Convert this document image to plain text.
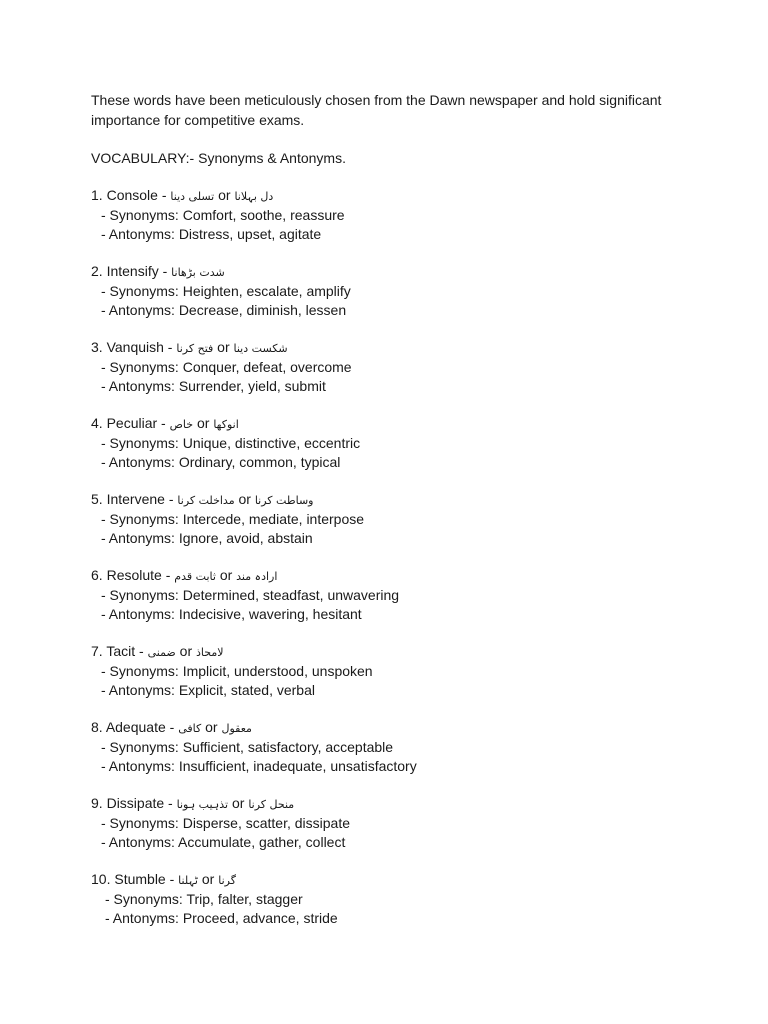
These words have been meticulously chosen from the Dawn newspaper and hold significant importance for competitive exams.

VOCABULARY:- Synonyms & Antonyms.

1. Console - تسلی دینا or دل بہلانا
- Synonyms: Comfort, soothe, reassure
- Antonyms: Distress, upset, agitate
2. Intensify - شدت بڑھانا
- Synonyms: Heighten, escalate, amplify
- Antonyms: Decrease, diminish, lessen
3. Vanquish - فتح کرنا or شکست دینا
- Synonyms: Conquer, defeat, overcome
- Antonyms: Surrender, yield, submit
4. Peculiar - خاص or انوکھا
- Synonyms: Unique, distinctive, eccentric
- Antonyms: Ordinary, common, typical
5. Intervene - مداخلت کرنا or وساطت کرنا
- Synonyms: Intercede, mediate, interpose
- Antonyms: Ignore, avoid, abstain
6. Resolute - ثابت قدم or ارادہ مند
- Synonyms: Determined, steadfast, unwavering
- Antonyms: Indecisive, wavering, hesitant
7. Tacit - ضمنی or لامحاذ
- Synonyms: Implicit, understood, unspoken
- Antonyms: Explicit, stated, verbal
8. Adequate - کافی or معقول
- Synonyms: Sufficient, satisfactory, acceptable
- Antonyms: Insufficient, inadequate, unsatisfactory
9. Dissipate - تذہیب ہونا or منحل کرنا
- Synonyms: Disperse, scatter, dissipate
- Antonyms: Accumulate, gather, collect
10. Stumble - ٹہلنا or گرنا
- Synonyms: Trip, falter, stagger
- Antonyms: Proceed, advance, stride
